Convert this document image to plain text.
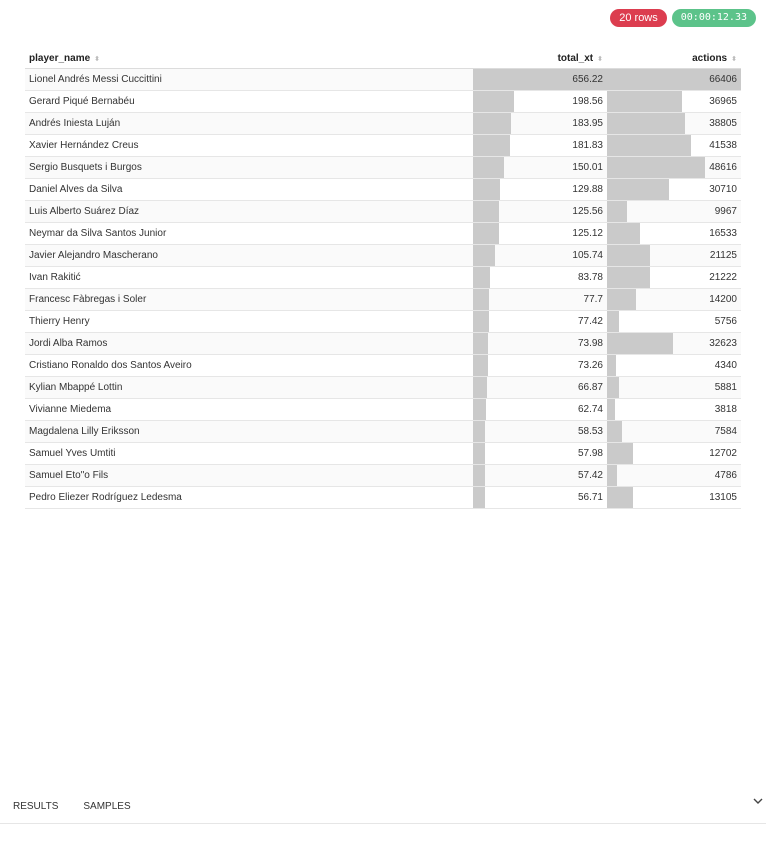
20 rows	00:00:12.33
player_name ⬍	total_xt ⬍	actions ⬍
Lionel Andrés Messi Cuccittini	656.22	66406
Gerard Piqué Bernabéu	198.56	36965
Andrés Iniesta Luján	183.95	38805
Xavier Hernández Creus	181.83	41538
Sergio Busquets i Burgos	150.01	48616
Daniel Alves da Silva	129.88	30710
Luis Alberto Suárez Díaz	125.56	9967
Neymar da Silva Santos Junior	125.12	16533
Javier Alejandro Mascherano	105.74	21125
Ivan Rakitić	83.78	21222
Francesc Fàbregas i Soler	77.7	14200
Thierry Henry	77.42	5756
Jordi Alba Ramos	73.98	32623
Cristiano Ronaldo dos Santos Aveiro	73.26	4340
Kylian Mbappé Lottin	66.87	5881
Vivianne Miedema	62.74	3818
Magdalena Lilly Eriksson	58.53	7584
Samuel Yves Umtiti	57.98	12702
Samuel Eto"o Fils	57.42	4786
Pedro Eliezer Rodríguez Ledesma	56.71	13105
RESULTS	SAMPLES
